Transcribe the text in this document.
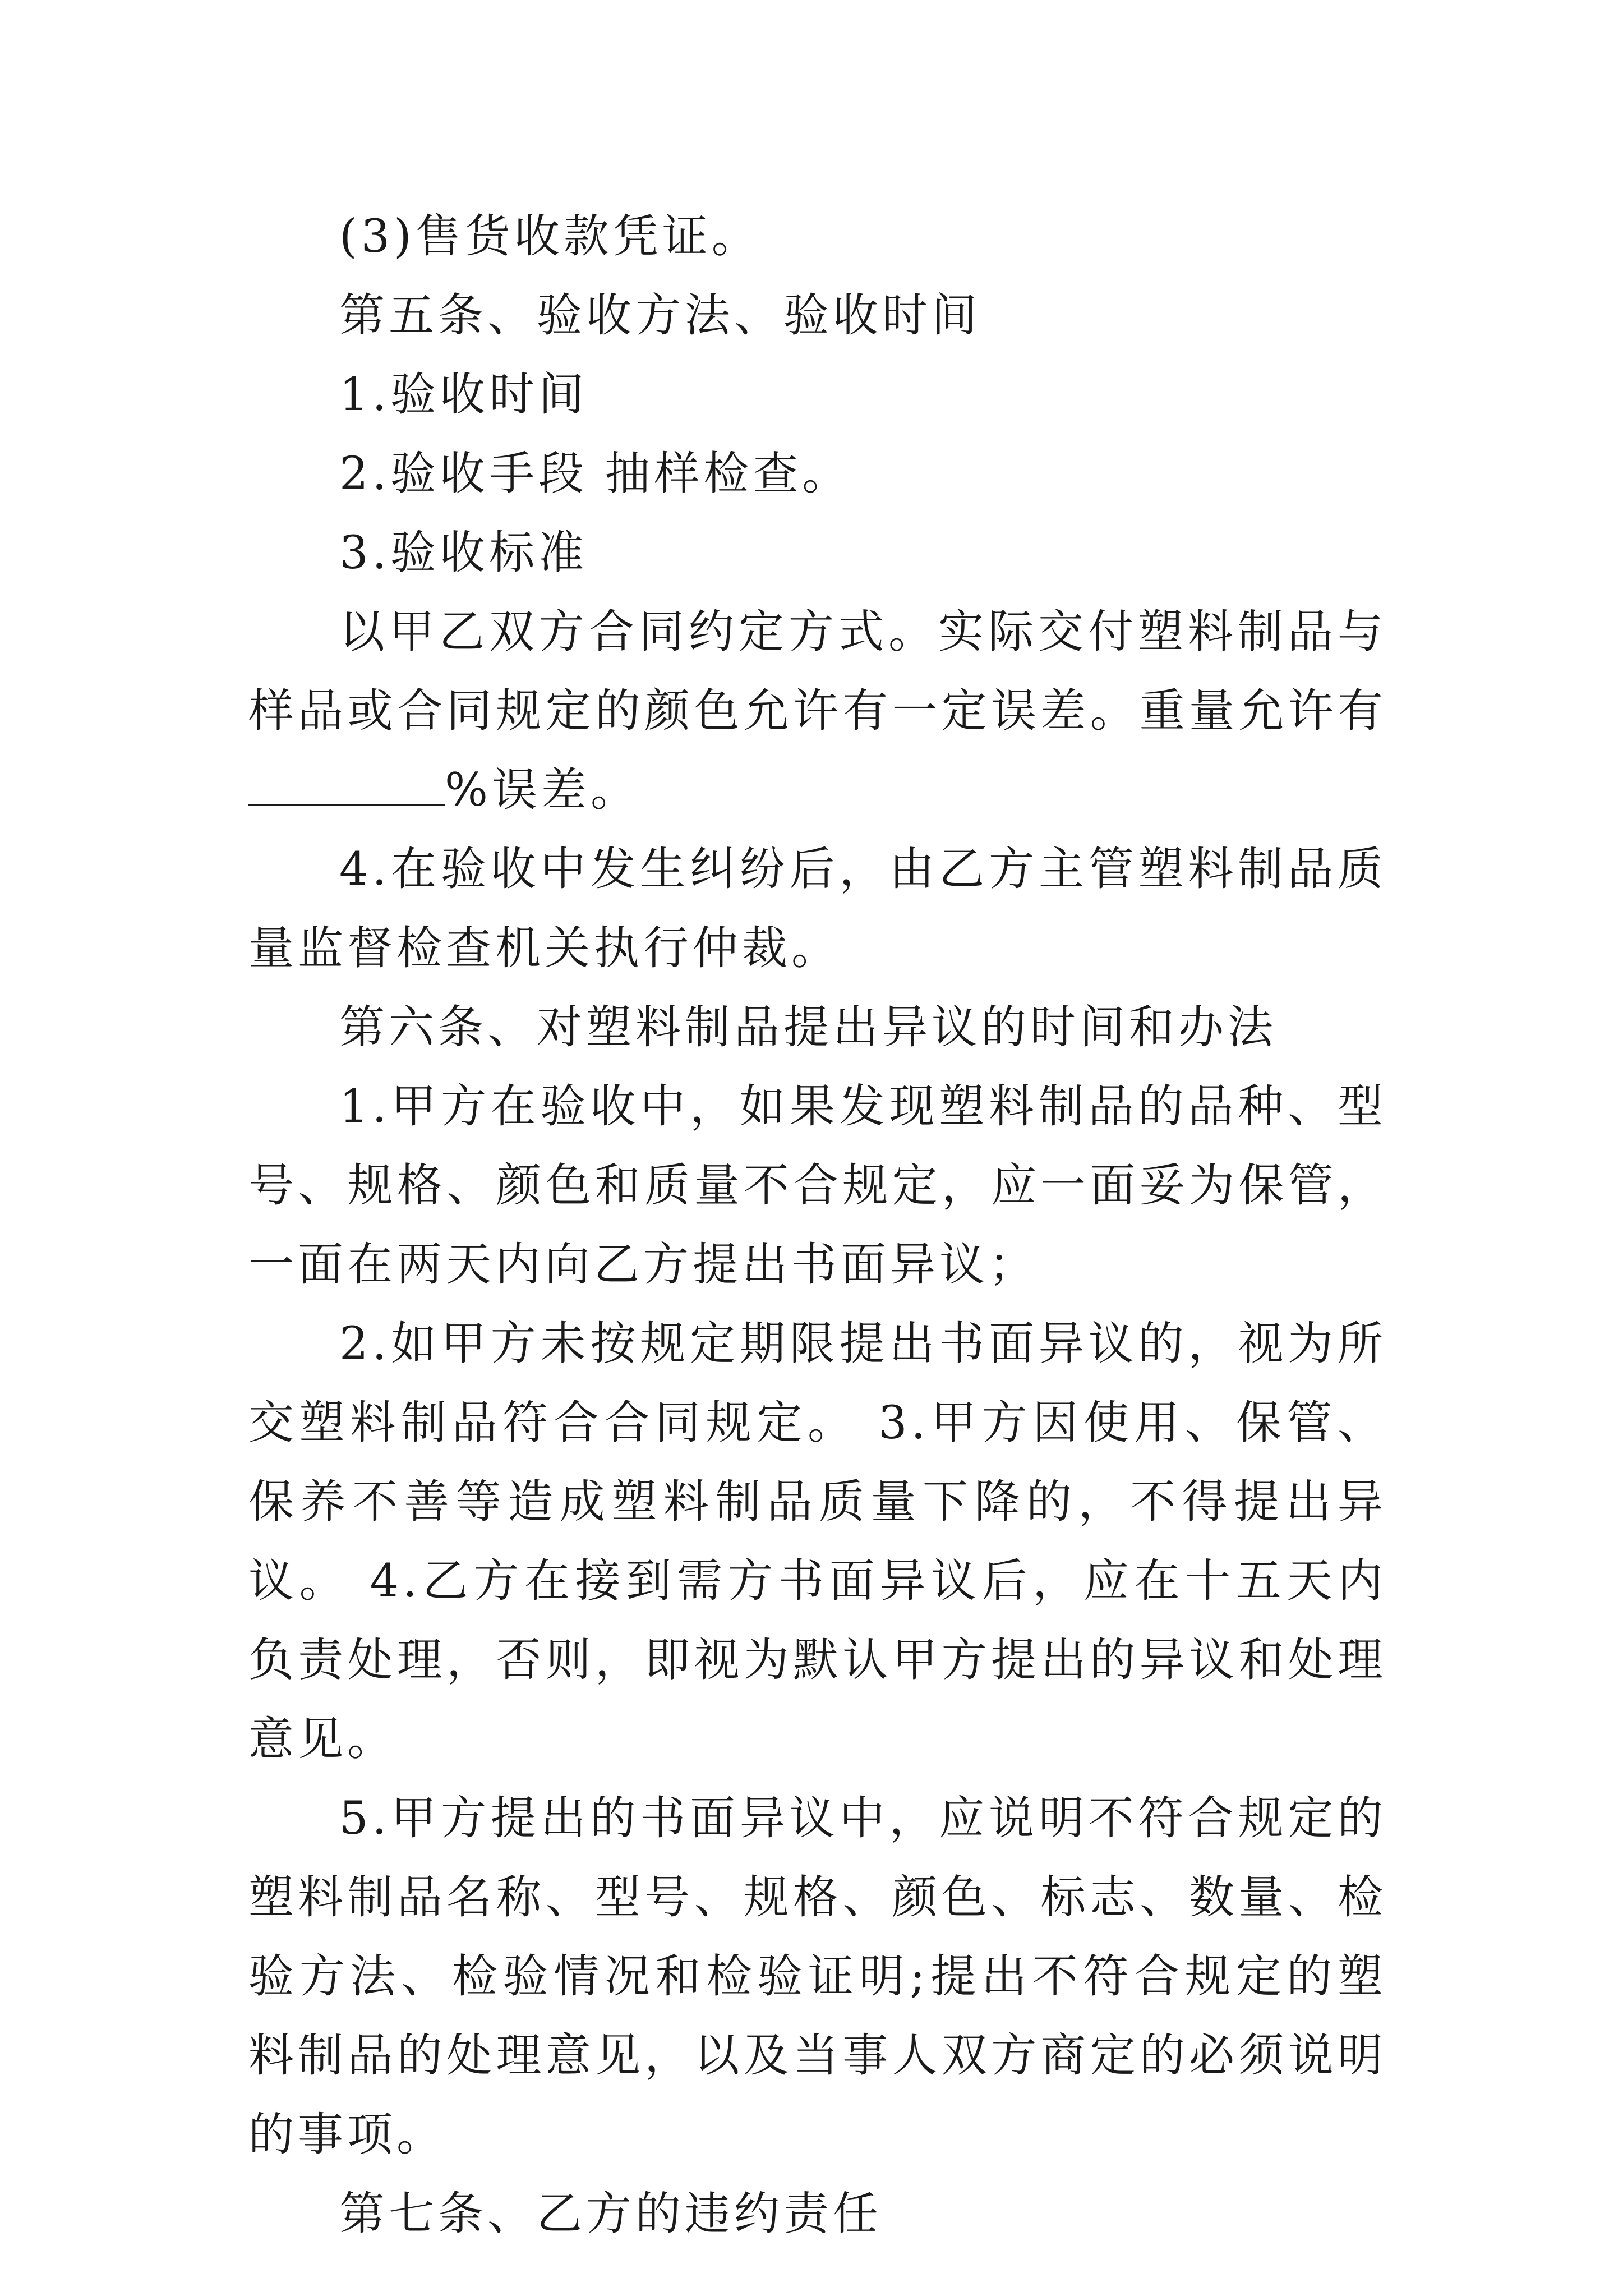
(3)售货收款凭证。

第五条、验收方法、验收时间

1.验收时间

2.验收手段 抽样检查。

3.验收标准

以甲乙双方合同约定方式。实际交付塑料制品与样品或合同规定的颜色允许有一定误差。重量允许有%误差。

4.在验收中发生纠纷后，由乙方主管塑料制品质量监督检查机关执行仲裁。

第六条、对塑料制品提出异议的时间和办法

1.甲方在验收中，如果发现塑料制品的品种、型号、规格、颜色和质量不合规定，应一面妥为保管，一面在两天内向乙方提出书面异议；

2.如甲方未按规定期限提出书面异议的，视为所交塑料制品符合合同规定。 3.甲方因使用、保管、保养不善等造成塑料制品质量下降的，不得提出异议。 4.乙方在接到需方书面异议后，应在十五天内负责处理，否则，即视为默认甲方提出的异议和处理意见。

5.甲方提出的书面异议中，应说明不符合规定的塑料制品名称、型号、规格、颜色、标志、数量、检验方法、检验情况和检验证明;提出不符合规定的塑料制品的处理意见，以及当事人双方商定的必须说明的事项。

第七条、乙方的违约责任
